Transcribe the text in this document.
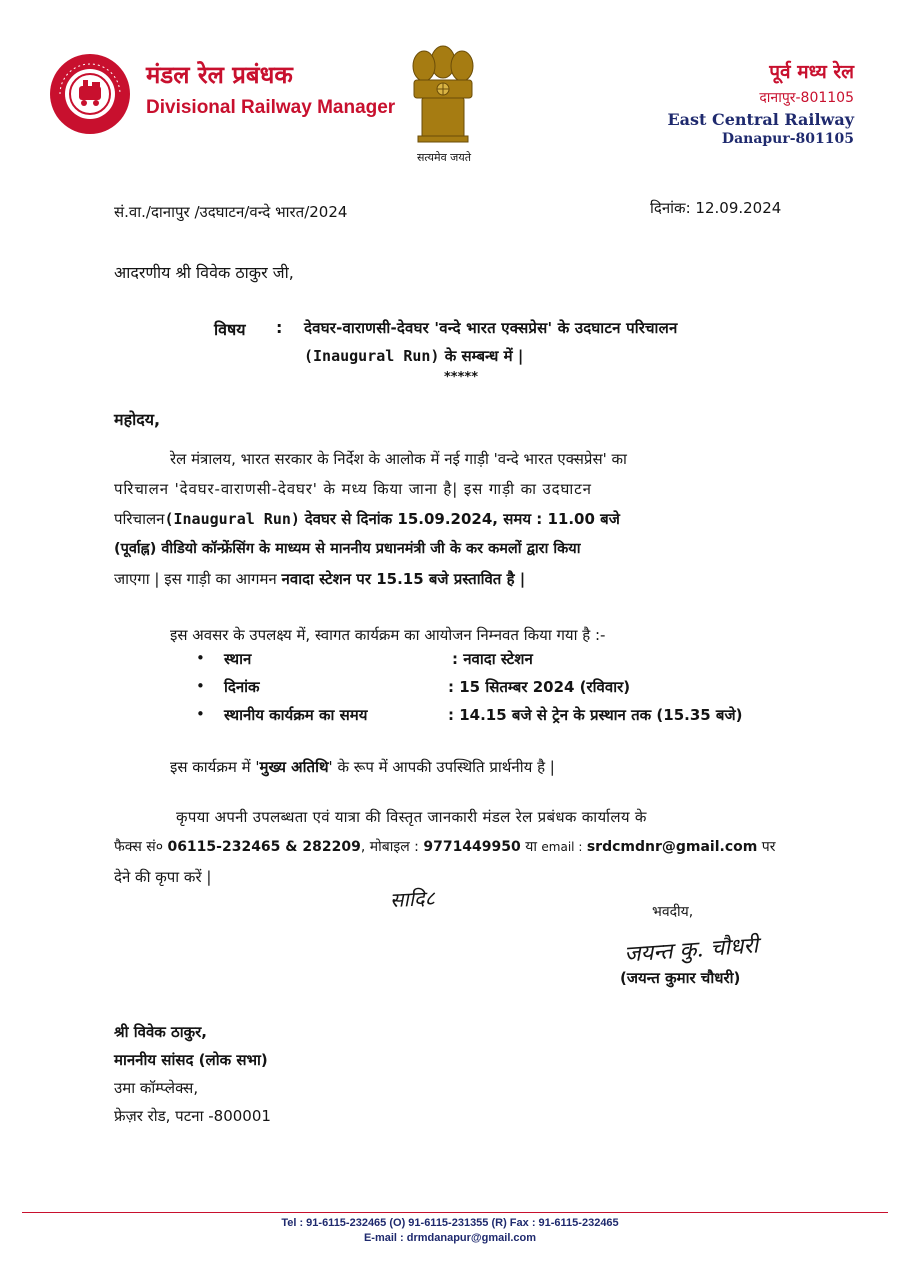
मंडल रेल प्रबंधक
Divisional Railway Manager
सत्यमेव जयते
पूर्व मध्य रेल
दानापुर-801105
East Central Railway
Danapur-801105
सं.वा./दानापुर /उदघाटन/वन्दे भारत/2024	दिनांक: 12.09.2024
आदरणीय श्री विवेक ठाकुर जी,
विषय : देवघर-वाराणसी-देवघर 'वन्दे भारत एक्सप्रेस' के उदघाटन परिचालन
(Inaugural Run) के सम्बन्ध में |
*****
महोदय,
रेल मंत्रालय, भारत सरकार के निर्देश के आलोक में नई गाड़ी 'वन्दे भारत एक्सप्रेस' का
परिचालन 'देवघर-वाराणसी-देवघर' के मध्य किया जाना है| इस गाड़ी का उदघाटन
परिचालन(Inaugural Run) देवघर से दिनांक 15.09.2024, समय : 11.00 बजे
(पूर्वाह्न) वीडियो कॉन्फ्रेंसिंग के माध्यम से माननीय प्रधानमंत्री जी के कर कमलों द्वारा किया
जाएगा | इस गाड़ी का आगमन नवादा स्टेशन पर 15.15 बजे प्रस्तावित है |
इस अवसर के उपलक्ष्य में, स्वागत कार्यक्रम का आयोजन निम्नवत किया गया है :-
• स्थान	: नवादा स्टेशन
• दिनांक	: 15 सितम्बर 2024 (रविवार)
• स्थानीय कार्यक्रम का समय	: 14.15 बजे से ट्रेन के प्रस्थान तक (15.35 बजे)
इस कार्यक्रम में 'मुख्य अतिथि' के रूप में आपकी उपस्थिति प्रार्थनीय है |
कृपया अपनी उपलब्धता एवं यात्रा की विस्तृत जानकारी मंडल रेल प्रबंधक कार्यालय के
फैक्स सं० 06115-232465 & 282209, मोबाइल : 9771449950 या email : srdcmdnr@gmail.com पर
देने की कृपा करें |
सादि८	भवदीय,
जयन्त कु. चौधरी
(जयन्त कुमार चौधरी)
श्री विवेक ठाकुर,
माननीय सांसद (लोक सभा)
उमा कॉम्प्लेक्स,
फ्रेज़र रोड, पटना -800001
Tel : 91-6115-232465 (O) 91-6115-231355 (R) Fax : 91-6115-232465
E-mail : drmdanapur@gmail.com
